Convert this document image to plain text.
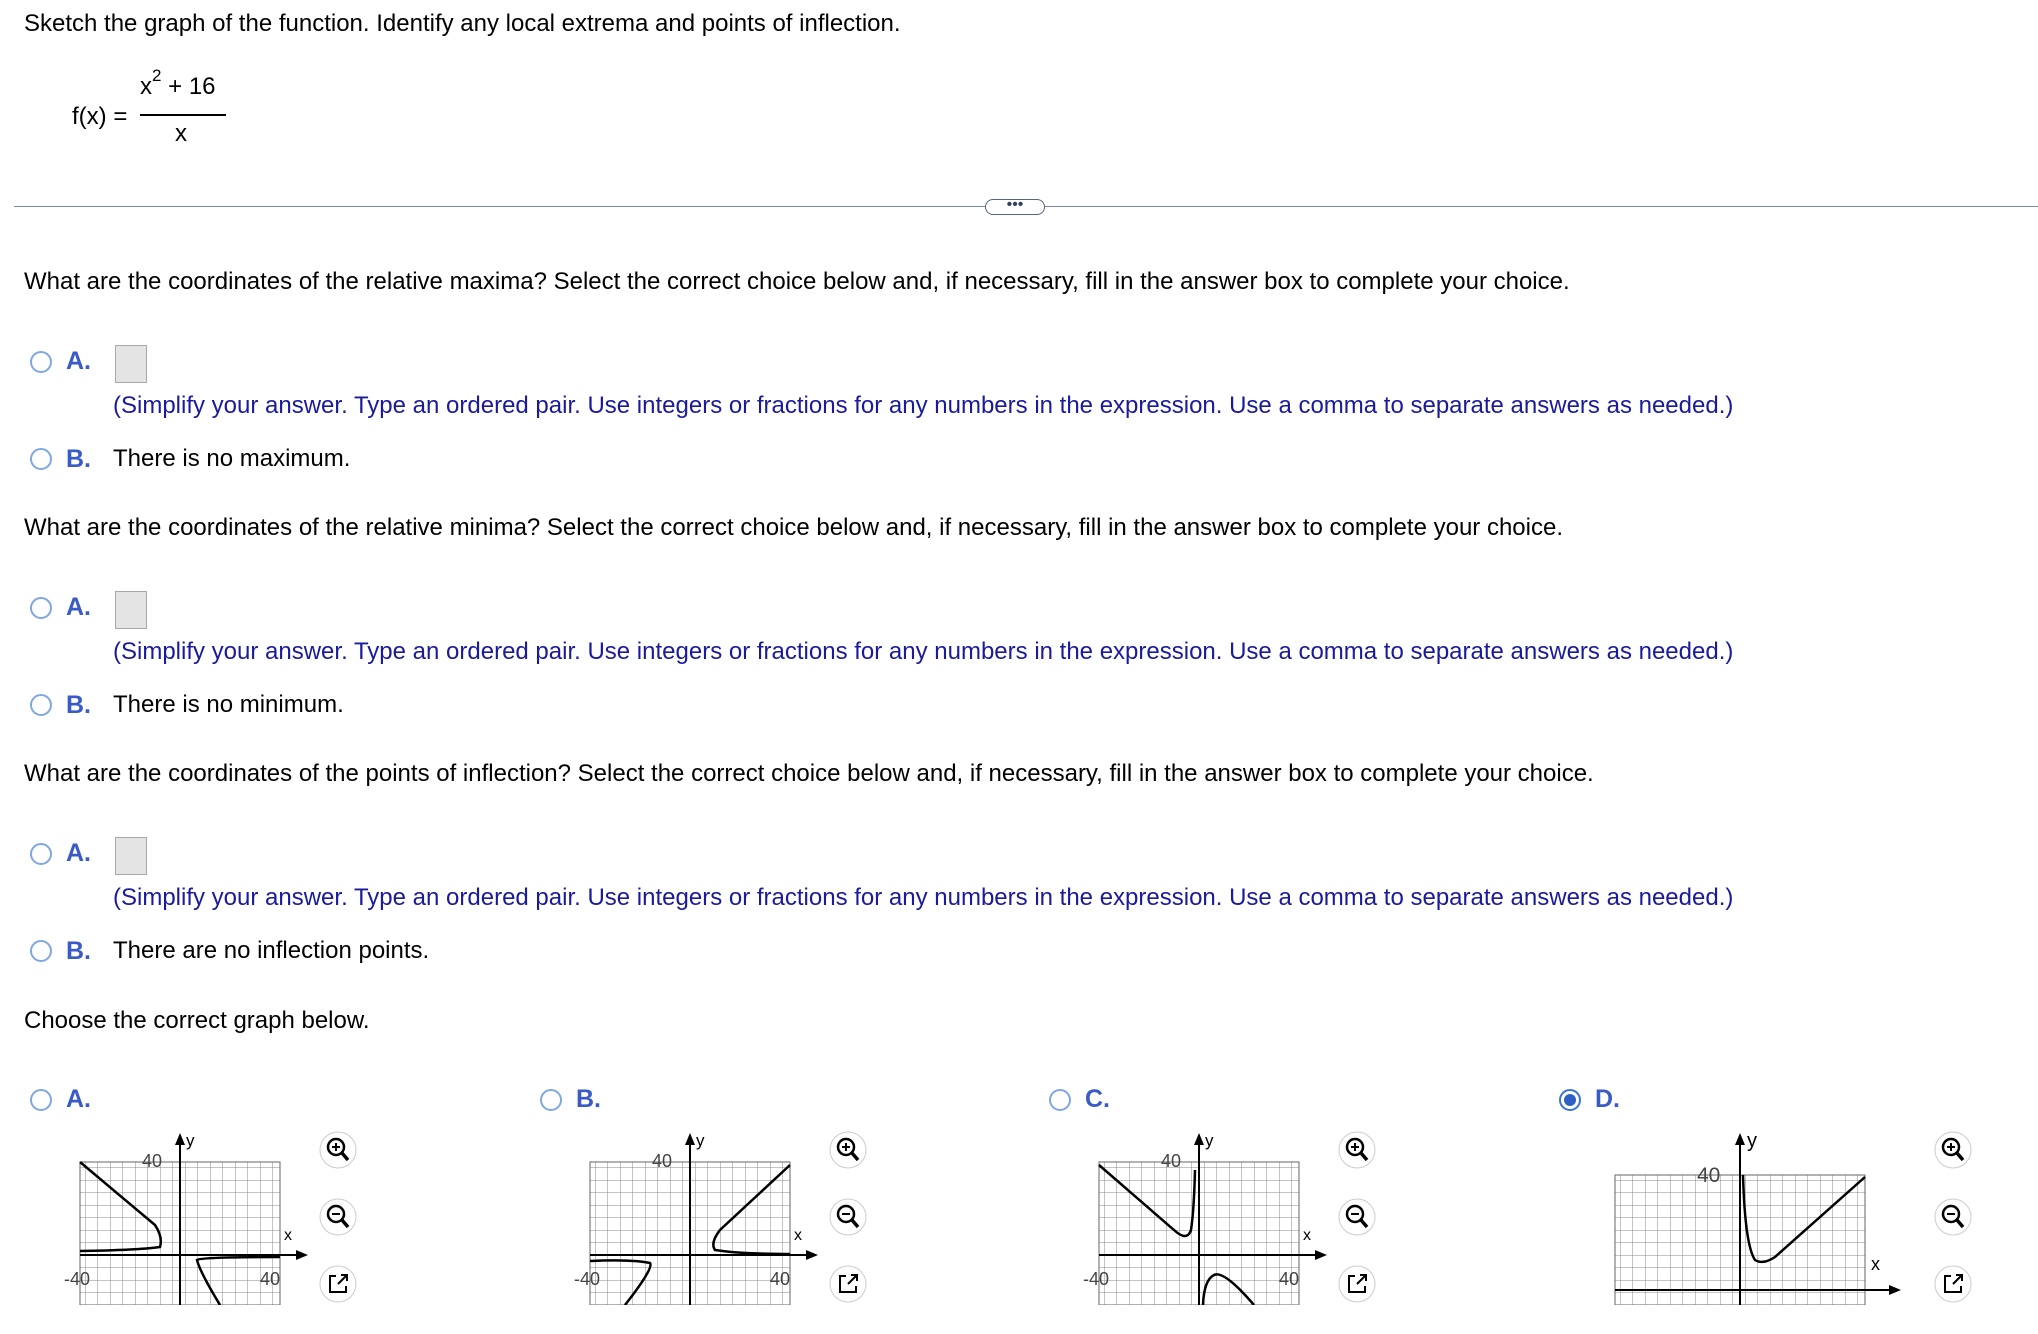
Sketch the graph of the function. Identify any local extrema and points of inflection.
f(x) =
$x^2 + 16$
x
•••
What are the coordinates of the relative maxima? Select the correct choice below and, if necessary, fill in the answer box to complete your choice.
A.
(Simplify your answer. Type an ordered pair. Use integers or fractions for any numbers in the expression. Use a comma to separate answers as needed.)
B. There is no maximum.
What are the coordinates of the relative minima? Select the correct choice below and, if necessary, fill in the answer box to complete your choice.
A.
(Simplify your answer. Type an ordered pair. Use integers or fractions for any numbers in the expression. Use a comma to separate answers as needed.)
B. There is no minimum.
What are the coordinates of the points of inflection? Select the correct choice below and, if necessary, fill in the answer box to complete your choice.
A.
(Simplify your answer. Type an ordered pair. Use integers or fractions for any numbers in the expression. Use a comma to separate answers as needed.)
B. There are no inflection points.
Choose the correct graph below.
A.
y
x
40
-40	40
B.
y
x
40
-40	40
C.
y
x
40
-40	40
D.
y
x
40
